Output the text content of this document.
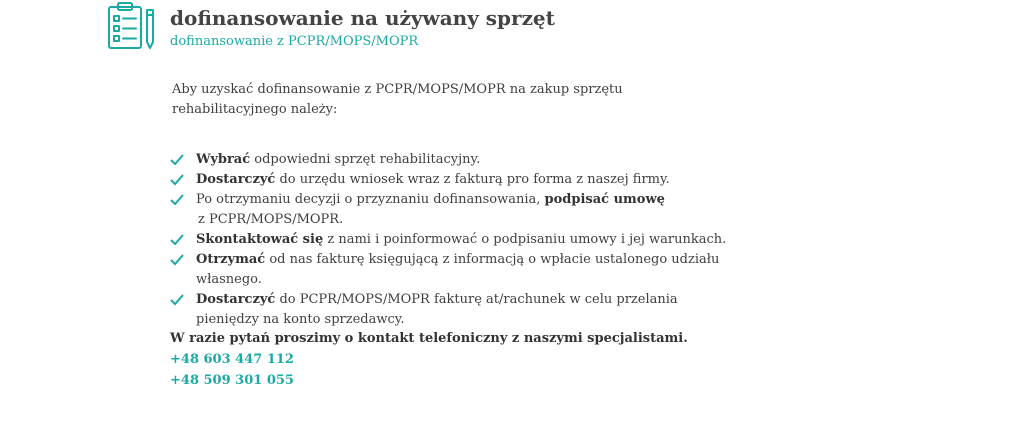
dofinansowanie na używany sprzęt
dofinansowanie z PCPR/MOPS/MOPR
Aby uzyskać dofinansowanie z PCPR/MOPS/MOPR na zakup sprzętu rehabilitacyjnego należy:
Wybrać odpowiedni sprzęt rehabilitacyjny.
Dostarczyć do urzędu wniosek wraz z fakturą pro forma z naszej firmy.
Po otrzymaniu decyzji o przyznaniu dofinansowania, podpisać umowę
z PCPR/MOPS/MOPR.
Skontaktować się z nami i poinformować o podpisaniu umowy i jej warunkach.
Otrzymać od nas fakturę księgującą z informacją o wpłacie ustalonego udziału własnego.
Dostarczyć do PCPR/MOPS/MOPR fakturę at/rachunek w celu przelania
pieniędzy na konto sprzedawcy.
W razie pytań proszimy o kontakt telefoniczny z naszymi specjalistami.
+48 603 447 112
+48 509 301 055
